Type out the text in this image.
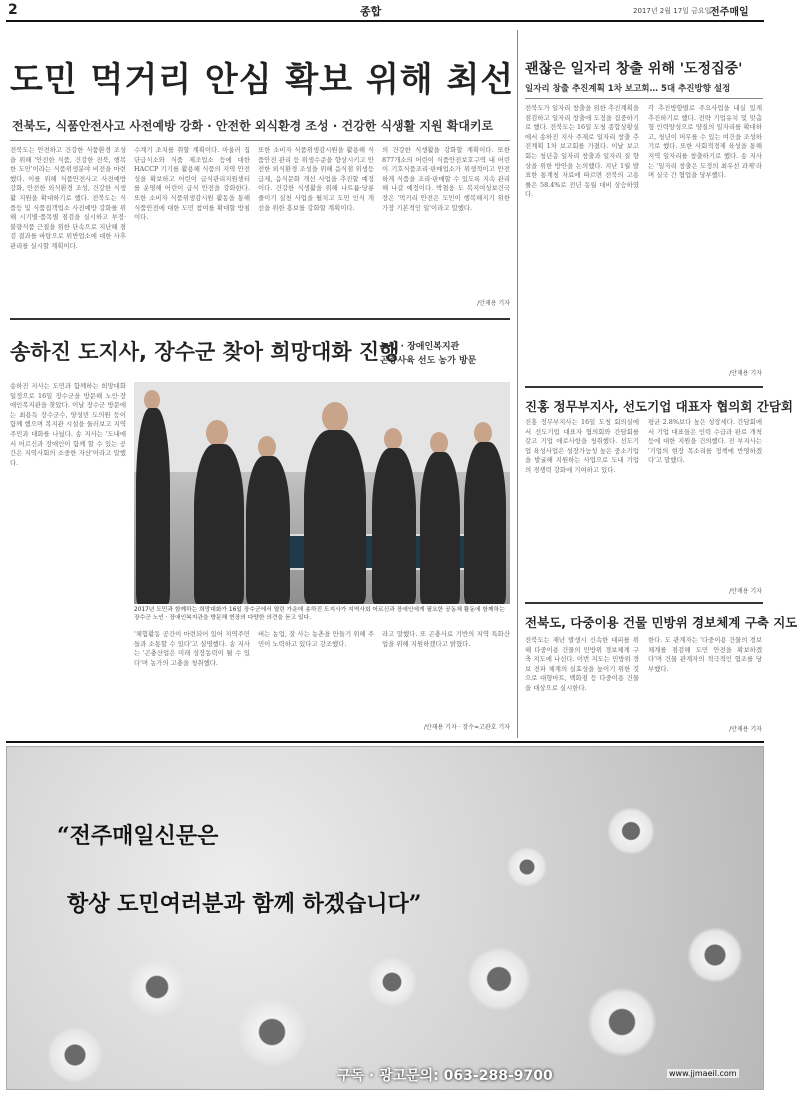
2	종합	2017년 2월 17일 금요일
전주매일
도민 먹거리 안심 확보 위해 최선
전북도, 식품안전사고 사전예방 강화 · 안전한 외식환경 조성 · 건강한 식생활 지원 확대키로
전북도는 안전하고 건강한 식품환경 조성을 위해 '안전한 식품, 건강한 전북, 행복한 도민'이라는 식품위생분야 비전을 마련했다. 이를 위해 식품안전사고 사전예방 강화, 안전한 외식환경 조성, 건강한 식생활 지원을 확대하기로 했다. 전북도는 식품등 및 식품접객업소 사전예방 강화를 위해 시기별·품목별 점검을 실시하고 부정·불량식품 근절을 위한 단속으로 지난해 점검 결과를 바탕으로 위반업소에 대한 사후관리를 실시할 계획이다.
수계기 조치를 취할 계획이다. 아울러 집단급식소와 식품 제조업소 등에 대한 HACCP 기기를 활용해 식품의 지역 안전성을 확보하고 어린이 급식관리지원센터를 운영해 어린이 급식 안전을 강화한다. 또한 소비자 식품위생감시원 활동을 통해 식품안전에 대한 도민 참여를 확대할 방침이다.
또한 소비자 식품위생감시원을 활용해 식품안전 관리 등 위생수준을 향상시키고 안전한 외식환경 조성을 위해 음식점 위생등급제, 음식문화 개선 사업을 추진할 예정이다. 건강한 식생활을 위해 나트륨·당류 줄이기 실천 사업을 펼치고 도민 인식 개선을 위한 홍보를 강화할 계획이다.
의 건강한 식생활을 강화할 계획이다. 또한 877개소의 어린이 식품안전보호구역 내 어린이 기호식품조리·판매업소가 위생적이고 안전하게 식품을 조리·판매할 수 있도록 지속 관리해 나갈 예정이다. 박철웅 도 복지여성보건국장은 '먹거리 안전은 도민이 행복해지기 위한 가장 기본적인 일'이라고 말했다.
/안재용 기자
송하진 도지사, 장수군 찾아 희망대화 진행
노인 · 장애인복지관
곤충사육 선도 농가 방문
송하진 지사는 도민과 함께하는 희망대화 일정으로 16일 장수군을 방문해 노인·장애인복지관을 찾았다. 이날 장수군 방문에는 최용득 장수군수, 양성빈 도의원 등이 함께 했으며 복지관 시설을 둘러보고 지역주민과 대화를 나눴다. 송 지사는 '도내에서 어르신과 장애인이 함께 할 수 있는 공간은 지역사회의 소중한 자산'이라고 말했다.
2017년 도민과 함께하는 희망대화가 16일 장수군에서 열린 가운데 송하진 도지사가 지역사회 어르신과 장애인에게 필요한 공동체 활동에 함께하는 장수군 노인 · 장애인복지관을 방문해 현장의 다양한 의견을 듣고 있다.
'체험활동 공간이 마련되어 있어 지역주민들과 소통할 수 있다'고 설명했다. 송 지사는 '곤충산업은 미래 성장동력이 될 수 있다'며 농가의 고충을 청취했다.
버는 농업, 잘 사는 농촌을 만들기 위해 주민이 노력하고 있다고 강조했다.
라고 말했다. 또 곤충사료 기반의 지역 특화산업을 위해 지원하겠다고 밝혔다.
/안재용 기자 · 장수=고관호 기자
괜찮은 일자리 창출 위해 '도정집중'
일자리 창출 추진계획 1차 보고회… 5대 추진방향 설정
전북도가 일자리 창출을 위한 추진계획을 점검하고 일자리 창출에 도정을 집중하기로 했다. 전북도는 16일 도청 종합상황실에서 송하진 지사 주재로 일자리 창출 추진계획 1차 보고회를 가졌다. 이날 보고회는 청년층 일자리 창출과 일자리 질 향상을 위한 방안을 논의했다. 지난 1월 발표한 통계청 자료에 따르면 전북의 고용률은 58.4%로 전년 동월 대비 상승하였다.
각 추진방향별로 주요사업을 내실 있게 추진하기로 했다. 전략 기업유치 및 맞춤형 인력양성으로 양질의 일자리를 확대하고, 청년이 머무를 수 있는 여건을 조성하기로 했다. 또한 사회적경제 육성을 통해 지역 일자리를 창출하기로 했다. 송 지사는 '일자리 창출은 도정의 최우선 과제'라며 실국 간 협업을 당부했다.
/안재용 기자
진홍 정무부지사, 선도기업 대표자 협의회 간담회
진홍 정무부지사는 16일 도청 회의실에서 선도기업 대표자 협의회와 간담회를 갖고 기업 애로사항을 청취했다. 선도기업 육성사업은 성장가능성 높은 중소기업을 발굴해 지원하는 사업으로 도내 기업의 경쟁력 강화에 기여하고 있다.
평균 2.8%보다 높은 성장세다. 간담회에서 기업 대표들은 인력 수급과 판로 개척 등에 대한 지원을 건의했다. 진 부지사는 '기업의 현장 목소리를 정책에 반영하겠다'고 말했다.
/안재용 기자
전북도, 다중이용 건물 민방위 경보체계 구축 지도
전북도는 재난 발생시 신속한 대피를 위해 다중이용 건물의 민방위 경보체계 구축 지도에 나선다. 이번 지도는 민방위 경보 전파 체계의 실효성을 높이기 위한 것으로 대형마트, 백화점 등 다중이용 건물을 대상으로 실시한다.
한다. 도 관계자는 '다중이용 건물의 경보체계를 점검해 도민 안전을 확보하겠다'며 건물 관계자의 적극적인 협조를 당부했다.
/안재용 기자
“전주매일신문은
항상 도민여러분과 함께 하겠습니다”
구독 · 광고문의: 063-288-9700	www.jjmaeil.com
